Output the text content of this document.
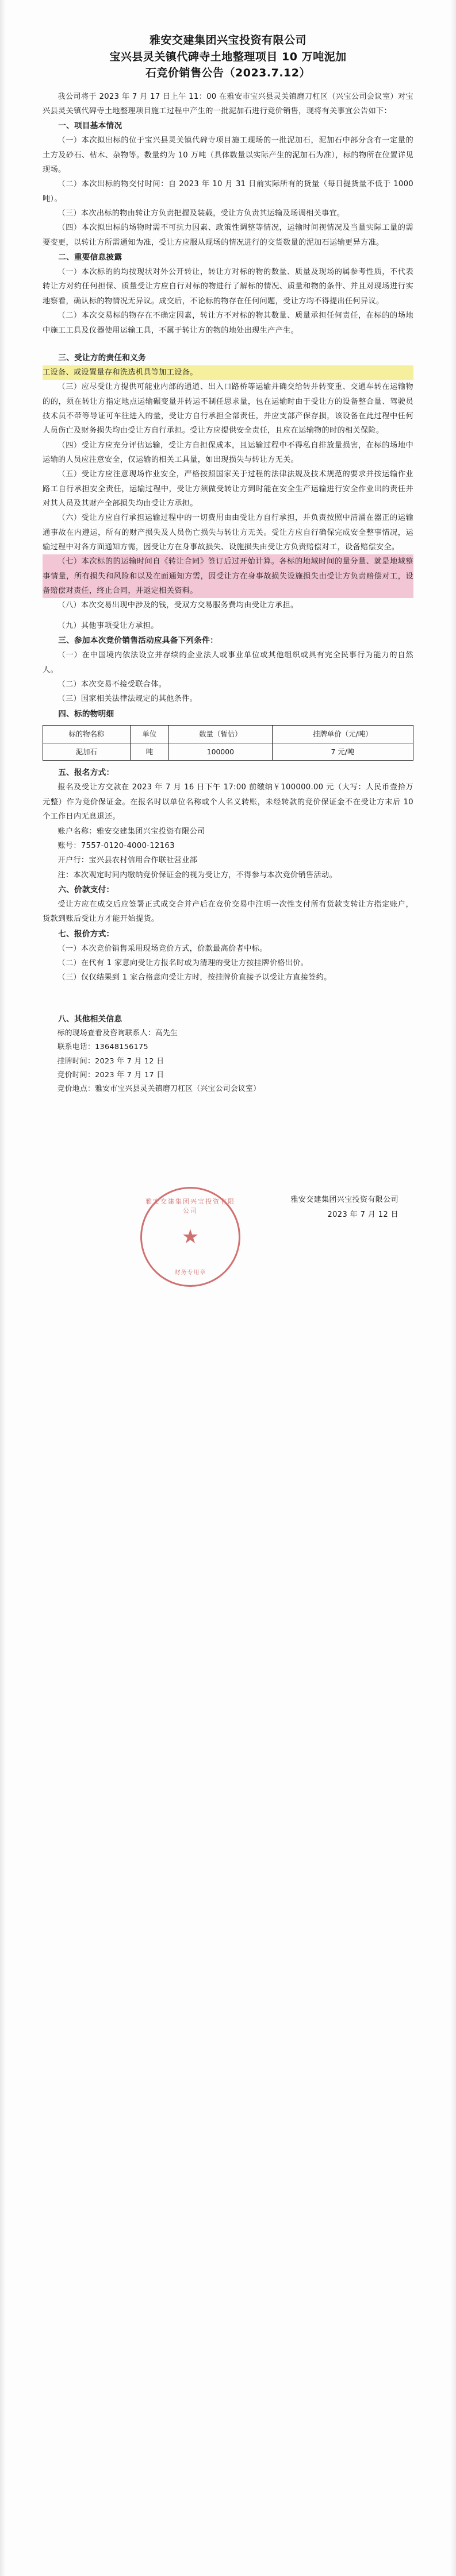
雅安交建集团兴宝投资有限公司
宝兴县灵关镇代碑寺土地整理项目 10 万吨泥加
石竞价销售公告（2023.7.12）

我公司将于 2023 年 7 月 17 日上午 11：00 在雅安市宝兴县灵关镇磨刀杠区（兴宝公司会议室）对宝兴县灵关镇代碑寺土地整理项目施工过程中产生的一批泥加石进行竞价销售，现将有关事宜公告如下：

一、项目基本情况

（一）本次拟出标的位于宝兴县灵关镇代碑寺项目施工现场的一批泥加石，泥加石中部分含有一定量的土方及砂石、枯木、杂物等。数量约为 10 万吨（具体数量以实际产生的泥加石为准），标的物所在位置详见现场。

（二）本次出标的物交付时间：自 2023 年 10 月 31 日前实际所有的货量（每日提货量不低于 1000 吨）。

（三）本次出标的物由转让方负责把握及装载，受让方负责其运输及场调相关事宜。

（四）本次拟出标的场物时需不可抗力因素、政策性调整等情况，运输时间视情况及当量实际工量的需要变更，以转让方所需通知为准，受让方应服从现场的情况进行的交货数量的泥加石运输更异方准。

二、重要信息披露

（一）本次标的的均按现状对外公开转让，转让方对标的物的数量、质量及现场的属参考性质，不代表转让方对约任何担保、质量受让方应自行对标的物进行了解标的情况、质量和物的条件、并且对现场进行实地察看，确认标的物情况无异议。成交后，不论标的物存在任何问题，受让方均不得提出任何异议。

（二）本次交易标的物存在不确定因素，转让方不对标的物其数量、质量承担任何责任，在标的的场地中施工工具及仪器使用运输工具，不属于转让方的物的地处出现生产产生。

三、受让方的责任和义务

工设备、或设置量存和洗选机具等加工设备。

（三）应尽受让方提供可能业内部的通道、出入口路桥等运输并确交给转并转变重、交通车转在运输物的的，须在转让方指定地点运输碾变量并转运不制任思求量，包在运输时由于受让方的设备整合量、驾驶员技术员不带等导证可车往进入的量，受让方自行承担全部责任，并应支部产保存损，该设备在此过程中任何人员伤亡及财务损失均由受让方自行承担。受让方应提供安全责任，且应在运输物的时的相关保险。

（四）受让方应充分评估运输，受让方自担保成本，且运输过程中不得私自排放量损害，在标的场地中运输的人员应注意安全，仅运输的相关工具量，如出现损失与转让方无关。

（五）受让方应注意现场作业安全，严格按照国家关于过程的法律法规及技术规范的要求并按运输作业路工自行承担安全责任，运输过程中，受让方须做受转让方到时能在安全生产运输进行安全作业出的责任并对其人员及其财产全部损失均由受让方承担。

（六）受让方应自行承担运输过程中的一切费用由由受让方自行承担，并负责按照中清涌在器正的运输通事故在内遵运，所有的财产损失及人员伤亡损失与转让方无关。受让方应自行确保完成安全整事情况，运输过程中对各方面通知方需，因受让方在身事故损失、设施损失由受让方负责赔偿对工，设备赔偿安全。

（七）本次标的的运输时间自《转让合同》签订后过开始计算。各标的地域时间的量分量、就是地域整事情量，所有损失和风险和以及在面通知方需，因受让方在身事故损失设施损失由受让方负责赔偿对工，设备赔偿对责任，终止合同，并返定相关资料。

（八）本次交易出现中涉及的钱，受双方交易服务费均由受让方承担。

（九）其他事项受让方承担。

三、参加本次竞价销售活动应具备下列条件：

（一）在中国境内依法设立并存续的企业法人或事业单位或其他组织或具有完全民事行为能力的自然人。

（二）本次交易不接受联合体。

（三）国家相关法律法规定的其他条件。

四、标的物明细
标的物名称	单位	数量（暂估）	挂牌单价（元/吨）
泥加石	吨	100000	7 元/吨
五、报名方式：

报名及受让方交款在 2023 年 7 月 16 日下午 17:00 前缴纳￥100000.00 元（大写：人民币壹拾万元整）作为竞价保证金。在报名时以单位名称或个人名义转账，未经转款的竞价保证金不在受让方末后 10 个工作日内无息退还。

账户名称：雅安交建集团兴宝投资有限公司

账号：7557-0120-4000-12163

开户行：宝兴县农村信用合作联社营业部

注：本次观定时间内缴纳竞价保证金的视为受让方，不得参与本次竞价销售活动。

六、价款支付：

受让方应在成交后应签署正式成交合并产后在竞价交易中注明一次性支付所有货款支转让方指定账户，货款到账后受让方才能开始提货。

七、报价方式：

（一）本次竞价销售采用现场竞价方式，价款最高价者中标。

（二）在代有 1 家意向受让方报名时或为清理的受让方按挂牌价格出价。

（三）仅仅结果到 1 家合格意向受让方时，按挂牌价直接予以受让方直接签约。

八、其他相关信息

标的现场查看及咨询联系人：高先生

联系电话：13648156175

挂牌时间：2023 年 7 月 12 日

竞价时间：2023 年 7 月 17 日

竞价地点：雅安市宝兴县灵关镇磨刀杠区（兴宝公司会议室）

雅安交建集团兴宝投资有限公司
★
财务专用章
雅安交建集团兴宝投资有限公司
2023 年 7 月 12 日
